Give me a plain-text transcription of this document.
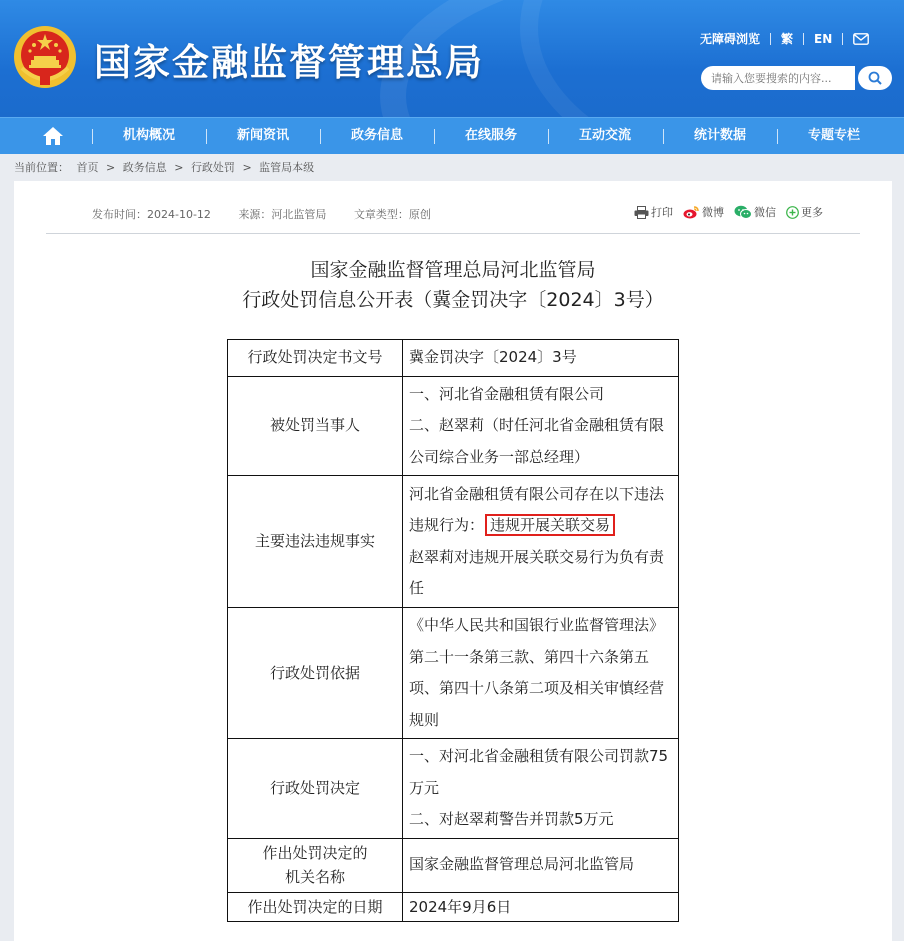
国家金融监督管理总局
无障碍浏览 繁 EN
请输入您要搜索的内容...
机构概况	新闻资讯	政务信息	在线服务	互动交流	统计数据	专题专栏
当前位置： 首页 > 政务信息 > 行政处罚 > 监管局本级
发布时间：2024-10-12	来源：河北监管局	文章类型：原创	打印	微博	微信 更多
国家金融监督管理总局河北监管局
行政处罚信息公开表（冀金罚决字〔2024〕3号）
行政处罚决定书文号	冀金罚决字〔2024〕3号
被处罚当事人	一、河北省金融租赁有限公司
二、赵翠莉（时任河北省金融租赁有限公司综合业务一部总经理）

主要违法违规事实	河北省金融租赁有限公司存在以下违法违规行为： 违规开展关联交易
赵翠莉对违规开展关联交易行为负有责任

行政处罚依据	《中华人民共和国银行业监督管理法》第二十一条第三款、第四十六条第五项、第四十八条第二项及相关审慎经营规则
行政处罚决定	一、对河北省金融租赁有限公司罚款75万元
二、对赵翠莉警告并罚款5万元

作出处罚决定的
机关名称	国家金融监督管理总局河北监管局
作出处罚决定的日期	2024年9月6日
